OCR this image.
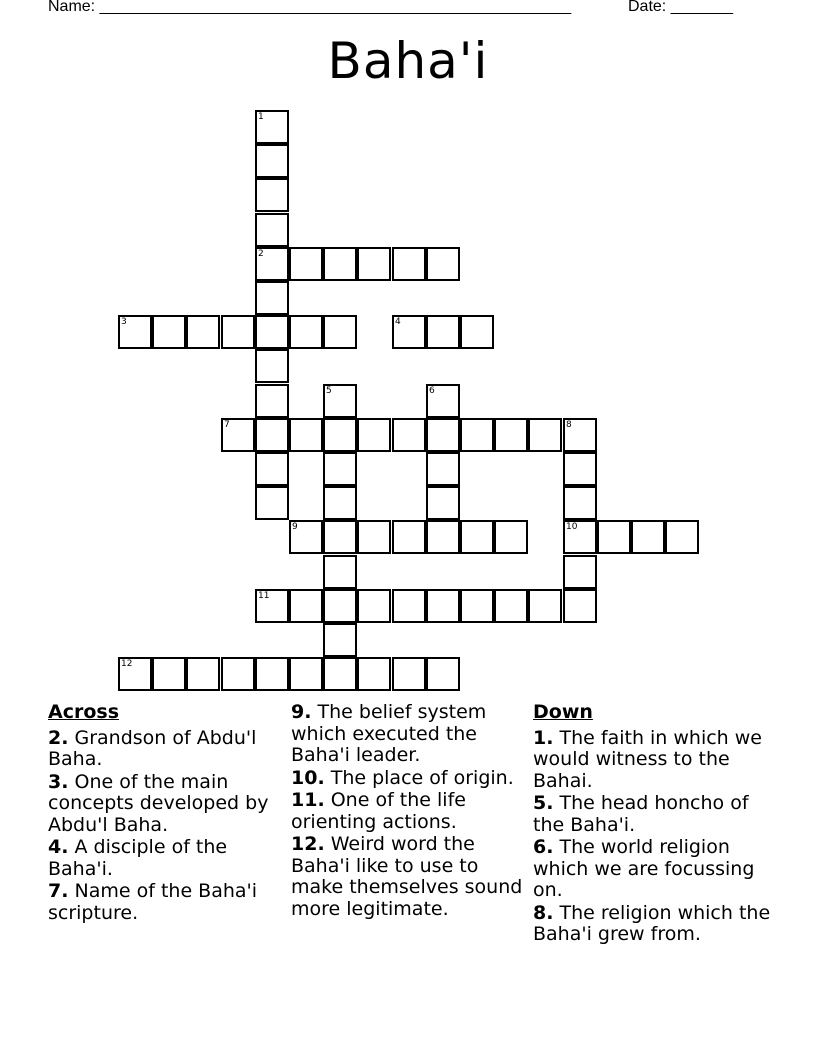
Name: _____________________________________________________	Date: _______
Baha'i
1
2
3	4
5	6
7	8
10
9
11
12
Across
2. Grandson of Abdu'l Baha.
3. One of the main concepts developed by Abdu'l Baha.
4. A disciple of the Baha'i.
7. Name of the Baha'i scripture.
9. The belief system which executed the Baha'i leader.
10. The place of origin.
11. One of the life orienting actions.
12. Weird word the Baha'i like to use to make themselves sound more legitimate.
Down
1. The faith in which we would witness to the Bahai.
5. The head honcho of the Baha'i.
6. The world religion which we are focussing on.
8. The religion which the Baha'i grew from.
